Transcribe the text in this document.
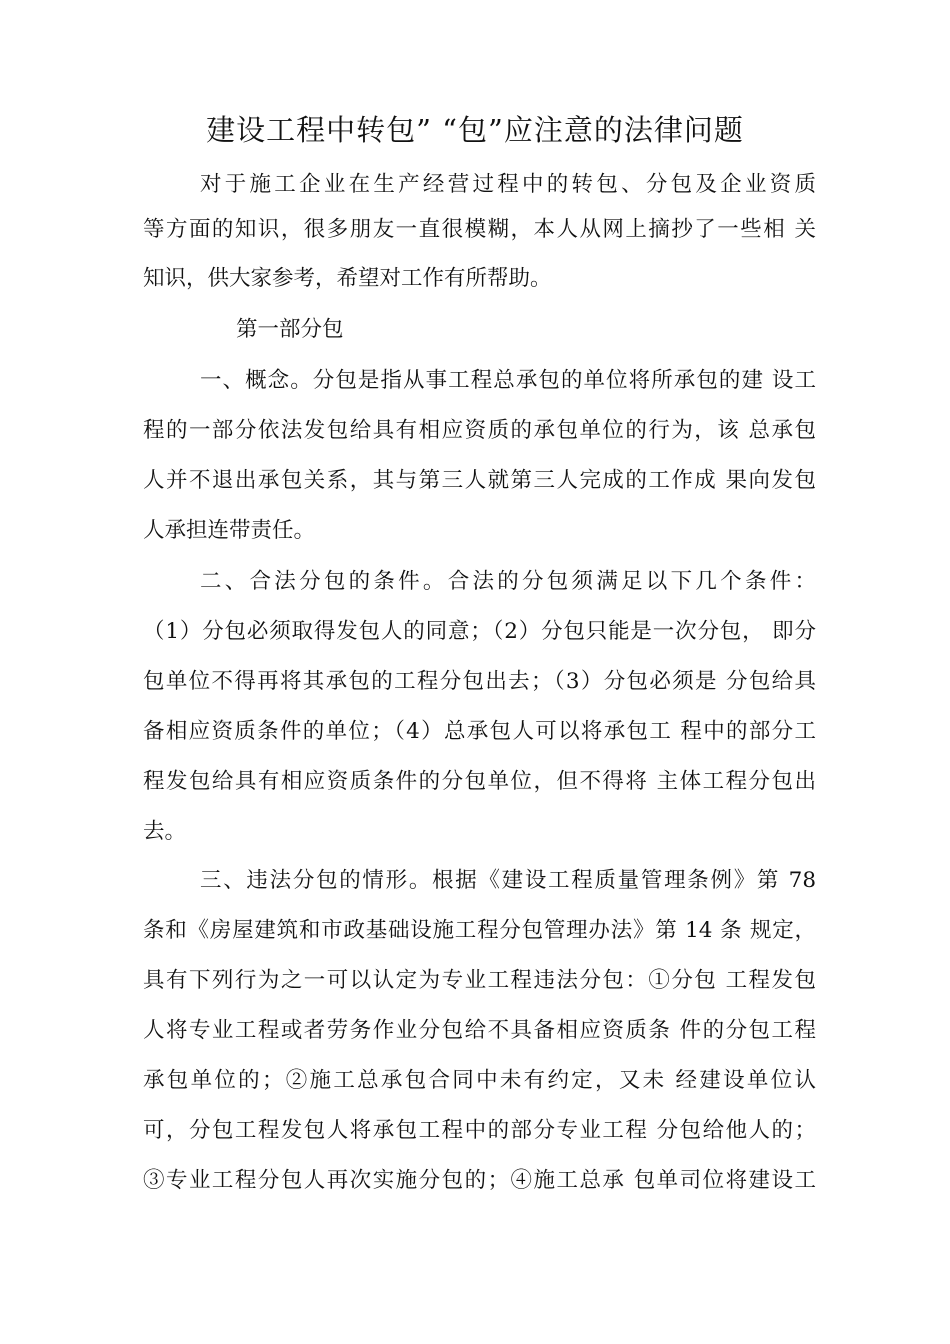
建设工程中转包” “包”应注意的法律问题
对于施工企业在生产经营过程中的转包、分包及企业资质
等方面的知识，很多朋友一直很模糊，本人从网上摘抄了一些相 关
知识，供大家参考，希望对工作有所帮助。
第一部分包
一、概念。分包是指从事工程总承包的单位将所承包的建 设工
程的一部分依法发包给具有相应资质的承包单位的行为，该 总承包
人并不退出承包关系，其与第三人就第三人完成的工作成 果向发包
人承担连带责任。
二、合法分包的条件。合法的分包须满足以下几个条件：
（1）分包必须取得发包人的同意；（2）分包只能是一次分包， 即分
包单位不得再将其承包的工程分包出去；（3）分包必须是 分包给具
备相应资质条件的单位；（4）总承包人可以将承包工 程中的部分工
程发包给具有相应资质条件的分包单位，但不得将 主体工程分包出
去。
三、违法分包的情形。根据《建设工程质量管理条例》第 78
条和《房屋建筑和市政基础设施工程分包管理办法》第 14 条 规定，
具有下列行为之一可以认定为专业工程违法分包：①分包 工程发包
人将专业工程或者劳务作业分包给不具备相应资质条 件的分包工程
承包单位的；②施工总承包合同中未有约定，又未 经建设单位认
可，分包工程发包人将承包工程中的部分专业工程 分包给他人的；
③专业工程分包人再次实施分包的；④施工总承 包单司位将建设工
